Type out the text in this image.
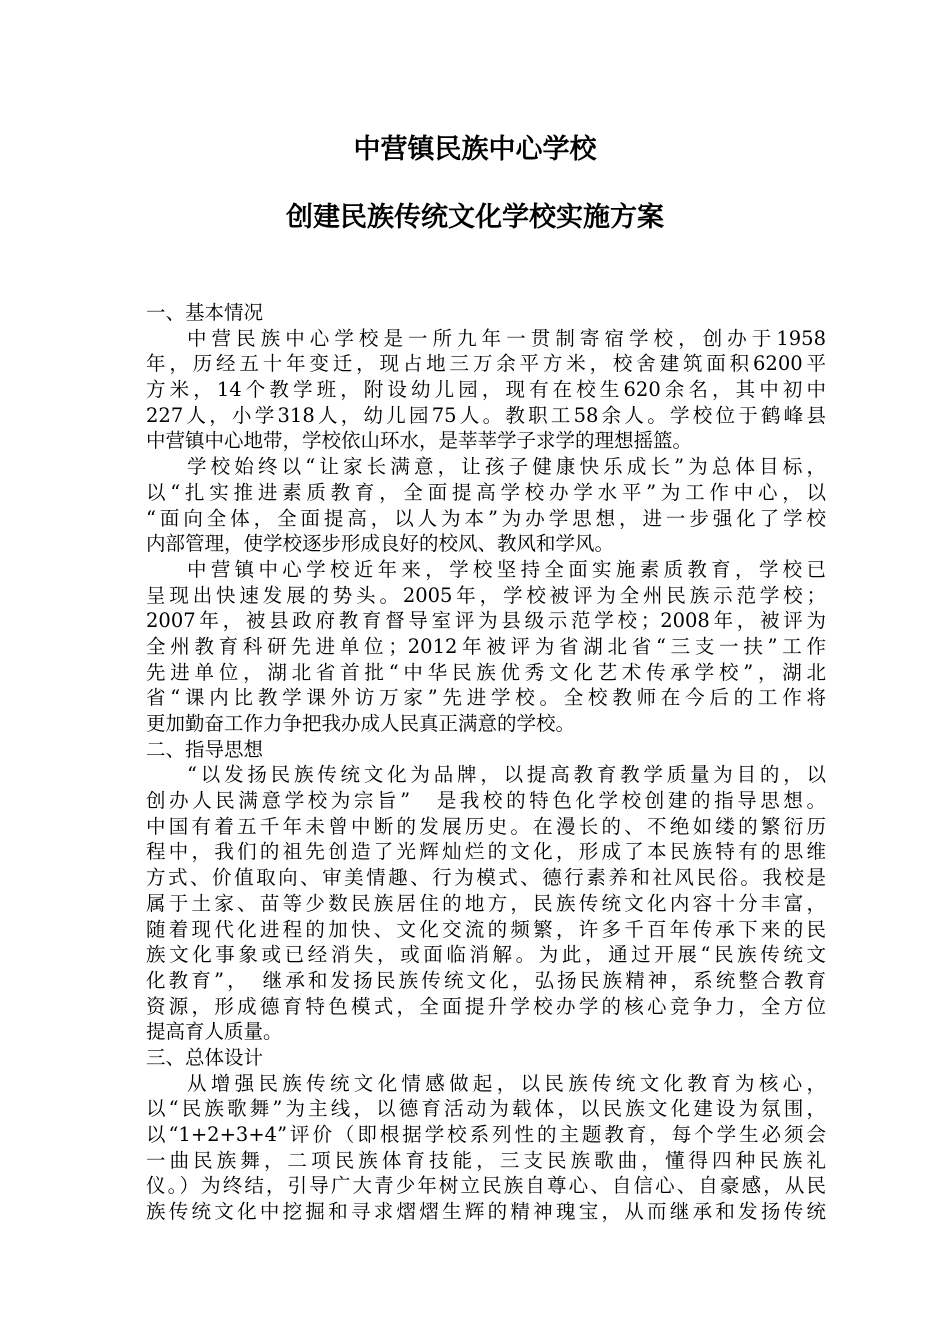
中营镇民族中心学校
创建民族传统文化学校实施方案
一、基本情况
中营民族中心学校是一所九年一贯制寄宿学校，创办于1958
年，历经五十年变迁，现占地三万余平方米，校舍建筑面积6200平
方米，14个教学班，附设幼儿园，现有在校生620余名，其中初中
227人，小学318人，幼儿园75人。教职工58余人。学校位于鹤峰县
中营镇中心地带，学校依山环水，是莘莘学子求学的理想摇篮。
学校始终以“让家长满意，让孩子健康快乐成长”为总体目标，
以“扎实推进素质教育，全面提高学校办学水平”为工作中心，以
“面向全体，全面提高，以人为本”为办学思想，进一步强化了学校
内部管理，使学校逐步形成良好的校风、教风和学风。
中营镇中心学校近年来，学校坚持全面实施素质教育，学校已
呈现出快速发展的势头。2005年，学校被评为全州民族示范学校；
2007年，被县政府教育督导室评为县级示范学校；2008年，被评为
全州教育科研先进单位；2012年被评为省湖北省“三支一扶”工作
先进单位，湖北省首批“中华民族优秀文化艺术传承学校”，湖北
省“课内比教学课外访万家”先进学校。全校教师在今后的工作将
更加勤奋工作力争把我办成人民真正满意的学校。
二、指导思想
“以发扬民族传统文化为品牌，以提高教育教学质量为目的，以
创办人民满意学校为宗旨”　是我校的特色化学校创建的指导思想。
中国有着五千年未曾中断的发展历史。在漫长的、不绝如缕的繁衍历
程中，我们的祖先创造了光辉灿烂的文化，形成了本民族特有的思维
方式、价值取向、审美情趣、行为模式、德行素养和社风民俗。我校是
属于土家、苗等少数民族居住的地方，民族传统文化内容十分丰富，
随着现代化进程的加快、文化交流的频繁，许多千百年传承下来的民
族文化事象或已经消失，或面临消解。为此，通过开展“民族传统文
化教育”，　继承和发扬民族传统文化，弘扬民族精神，系统整合教育
资源，形成德育特色模式，全面提升学校办学的核心竞争力，全方位
提高育人质量。
三、总体设计
从增强民族传统文化情感做起，以民族传统文化教育为核心，
以“民族歌舞”为主线，以德育活动为载体，以民族文化建设为氛围，
以“1+2+3+4”评价（即根据学校系列性的主题教育，每个学生必须会
一曲民族舞，二项民族体育技能，三支民族歌曲，懂得四种民族礼
仪。）为终结，引导广大青少年树立民族自尊心、自信心、自豪感，从民
族传统文化中挖掘和寻求熠熠生辉的精神瑰宝，从而继承和发扬传统
